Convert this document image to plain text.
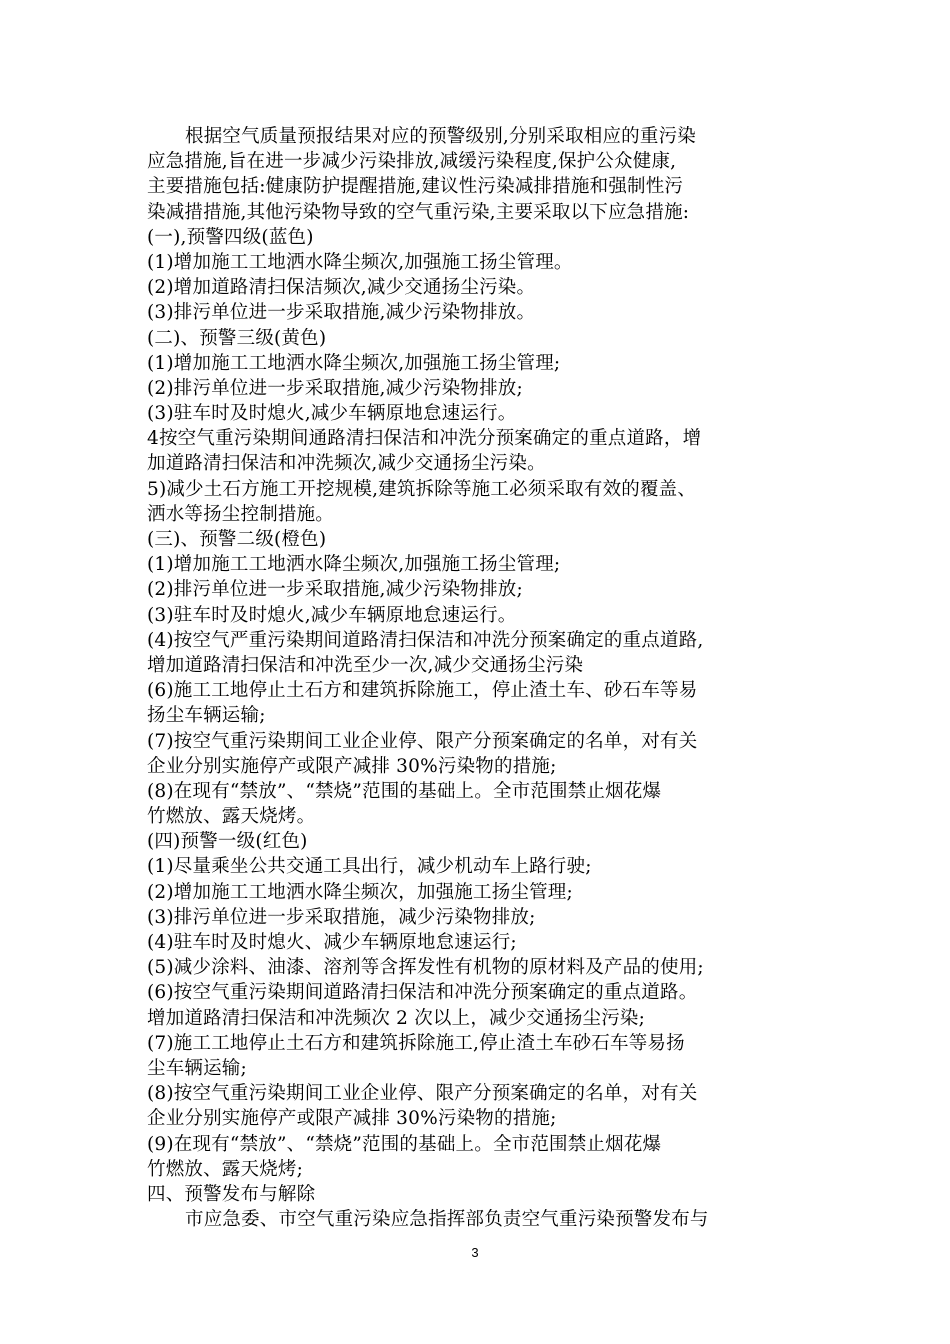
根据空气质量预报结果对应的预警级别,分别采取相应的重污染
应急措施,旨在进一步减少污染排放,减缓污染程度,保护公众健康,
主要措施包括:健康防护提醒措施,建议性污染减排措施和强制性污
染减措措施,其他污染物导致的空气重污染,主要采取以下应急措施:
(一),预警四级(蓝色)
(1)增加施工工地洒水降尘频次,加强施工扬尘管理。
(2)增加道路清扫保洁频次,减少交通扬尘污染。
(3)排污单位进一步采取措施,减少污染物排放。
(二)、预警三级(黄色)
(1)增加施工工地洒水降尘频次,加强施工扬尘管理;
(2)排污单位进一步采取措施,减少污染物排放;
(3)驻车时及时熄火,减少车辆原地怠速运行。
4按空气重污染期间通路清扫保洁和冲洗分预案确定的重点道路，增
加道路清扫保洁和冲洗频次,减少交通扬尘污染。
5)减少土石方施工开挖规模,建筑拆除等施工必须采取有效的覆盖、
洒水等扬尘控制措施。
(三)、预警二级(橙色)
(1)增加施工工地洒水降尘频次,加强施工扬尘管理;
(2)排污单位进一步采取措施,减少污染物排放;
(3)驻车时及时熄火,减少车辆原地怠速运行。
(4)按空气严重污染期间道路清扫保洁和冲洗分预案确定的重点道路,
增加道路清扫保洁和冲洗至少一次,减少交通扬尘污染
(6)施工工地停止土石方和建筑拆除施工，停止渣土车、砂石车等易
扬尘车辆运输;
(7)按空气重污染期间工业企业停、限产分预案确定的名单，对有关
企业分别实施停产或限产减排 30%污染物的措施;
(8)在现有“禁放”、“禁烧”范围的基础上。全市范围禁止烟花爆
竹燃放、露天烧烤。
(四)预警一级(红色)
(1)尽量乘坐公共交通工具出行，减少机动车上路行驶;
(2)增加施工工地洒水降尘频次，加强施工扬尘管理;
(3)排污单位进一步采取措施，减少污染物排放;
(4)驻车时及时熄火、减少车辆原地怠速运行;
(5)减少涂料、油漆、溶剂等含挥发性有机物的原材料及产品的使用;
(6)按空气重污染期间道路清扫保洁和冲洗分预案确定的重点道路。
增加道路清扫保洁和冲洗频次 2 次以上，减少交通扬尘污染;
(7)施工工地停止土石方和建筑拆除施工,停止渣土车砂石车等易扬
尘车辆运输;
(8)按空气重污染期间工业企业停、限产分预案确定的名单，对有关
企业分别实施停产或限产减排 30%污染物的措施;
(9)在现有“禁放”、“禁烧”范围的基础上。全市范围禁止烟花爆
竹燃放、露天烧烤;
四、预警发布与解除
市应急委、市空气重污染应急指挥部负责空气重污染预警发布与
3
